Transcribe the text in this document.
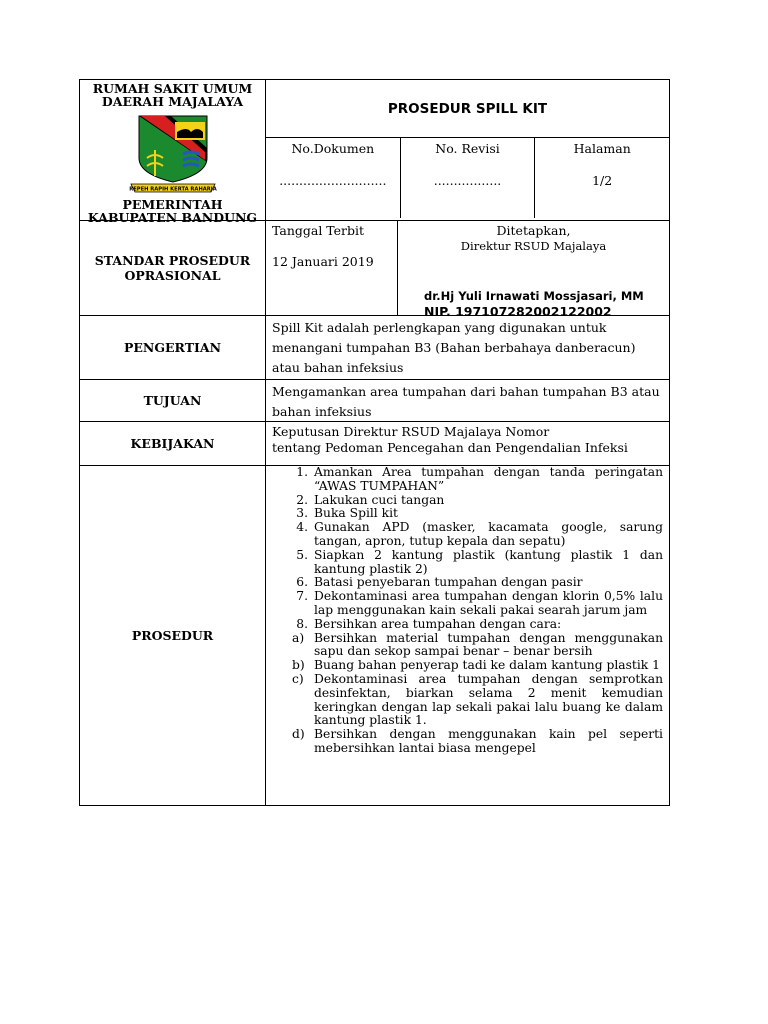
RUMAH SAKIT UMUM
DAERAH MAJALAYA
REPEH RAPIH KERTA RAHARJA
PEMERINTAH
KABUPATEN BANDUNG
PROSEDUR SPILL KIT
No.Dokumen
...........................
No. Revisi
.................
Halaman
1/2
STANDAR PROSEDUR
OPRASIONAL
Tanggal Terbit
12 Januari 2019
Ditetapkan,
Direktur RSUD Majalaya
dr.Hj Yuli Irnawati Mossjasari, MM
NIP. 197107282002122002
PENGERTIAN
Spill Kit adalah perlengkapan yang digunakan untuk menangani tumpahan B3 (Bahan berbahaya danberacun) atau bahan infeksius
TUJUAN
Mengamankan area tumpahan dari bahan tumpahan B3 atau bahan infeksius
KEBIJAKAN
Keputusan Direktur RSUD Majalaya Nomor
tentang Pedoman Pencegahan dan Pengendalian Infeksi
PROSEDUR
1. Amankan Area tumpahan dengan tanda peringatan “AWAS TUMPAHAN”
2. Lakukan cuci tangan
3. Buka Spill kit
4. Gunakan APD (masker, kacamata google, sarung tangan, apron, tutup kepala dan sepatu)
5. Siapkan 2 kantung plastik (kantung plastik 1 dan kantung plastik 2)
6. Batasi penyebaran tumpahan dengan pasir
7. Dekontaminasi area tumpahan dengan klorin 0,5% lalu lap menggunakan kain sekali pakai searah jarum jam
8. Bersihkan area tumpahan dengan cara:
a) Bersihkan material tumpahan dengan menggunakan sapu dan sekop sampai benar – benar bersih
b) Buang bahan penyerap tadi ke dalam kantung plastik 1
c) Dekontaminasi area tumpahan dengan semprotkan desinfektan, biarkan selama 2 menit kemudian keringkan dengan lap sekali pakai lalu buang ke dalam kantung plastik 1.
d) Bersihkan dengan menggunakan kain pel seperti mebersihkan lantai biasa mengepel
